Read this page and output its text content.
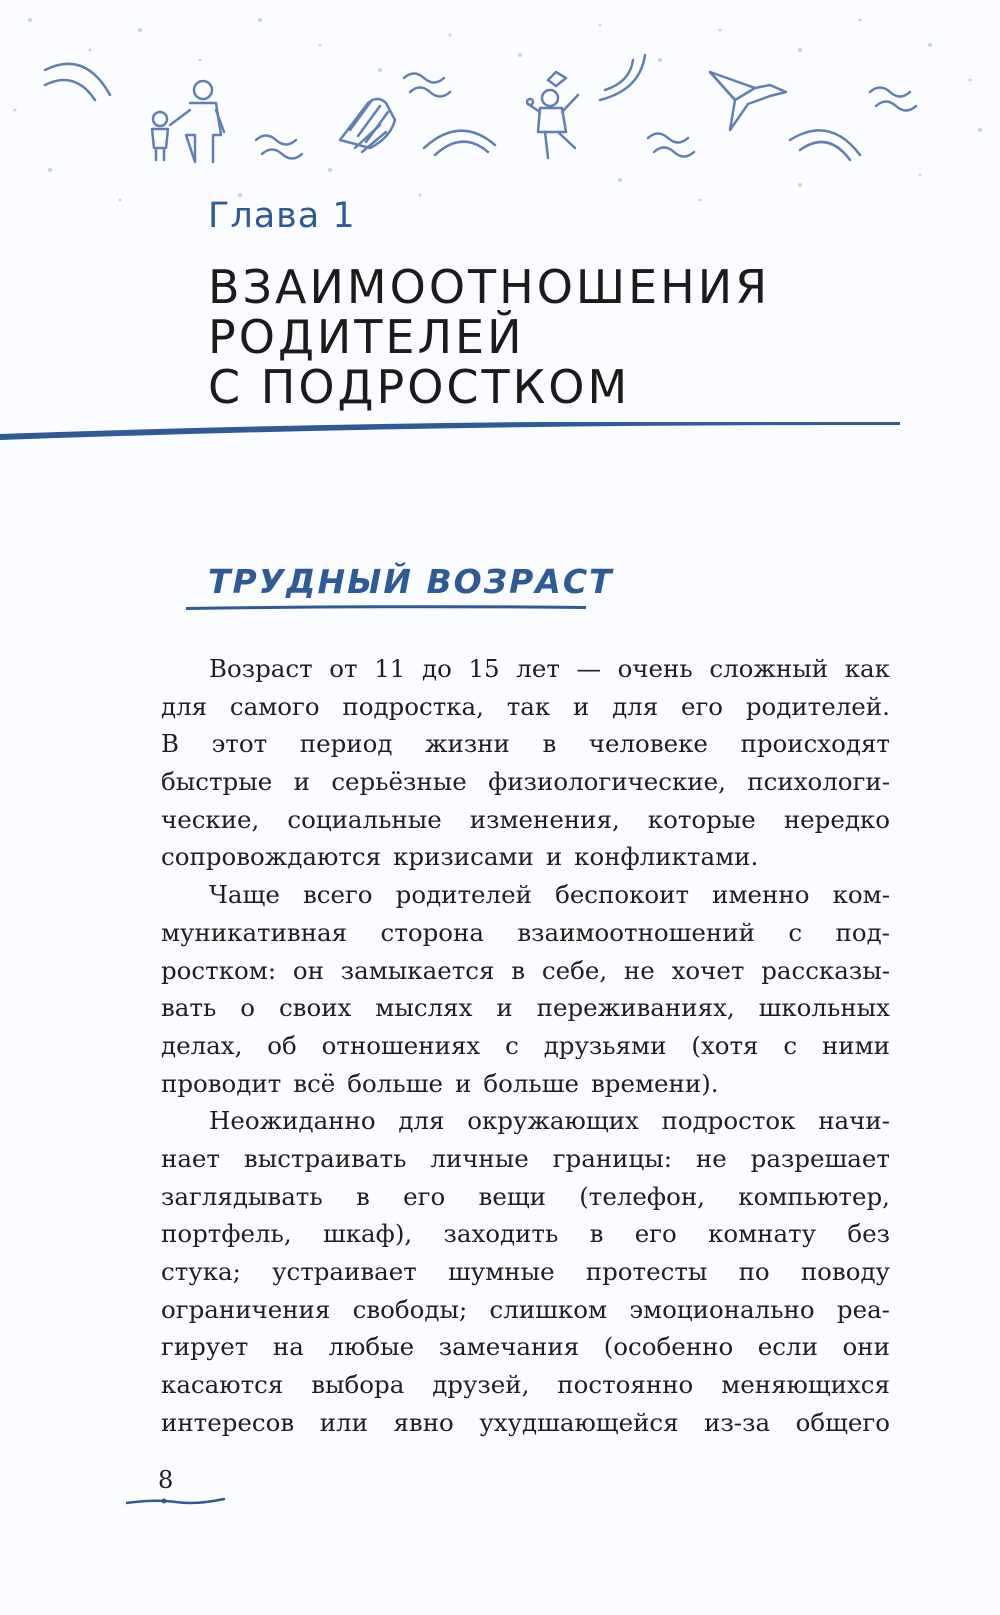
Глава 1
ВЗАИМООТНОШЕНИЯ
РОДИТЕЛЕЙ
С ПОДРОСТКОМ
ТРУДНЫЙ ВОЗРАСТ
Возраст от 11 до 15 лет — очень сложный как
для самого подростка, так и для его родителей.
В этот период жизни в человеке происходят
быстрые и серьёзные физиологические, психологи-
ческие, социальные изменения, которые нередко
сопровождаются кризисами и конфликтами.
Чаще всего родителей беспокоит именно ком-
муникативная сторона взаимоотношений с под-
ростком: он замыкается в себе, не хочет рассказы-
вать о своих мыслях и переживаниях, школьных
делах, об отношениях с друзьями (хотя с ними
проводит всё больше и больше времени).
Неожиданно для окружающих подросток начи-
нает выстраивать личные границы: не разрешает
заглядывать в его вещи (телефон, компьютер,
портфель, шкаф), заходить в его комнату без
стука; устраивает шумные протесты по поводу
ограничения свободы; слишком эмоционально реа-
гирует на любые замечания (особенно если они
касаются выбора друзей, постоянно меняющихся
интересов или явно ухудшающейся из-за общего
8
